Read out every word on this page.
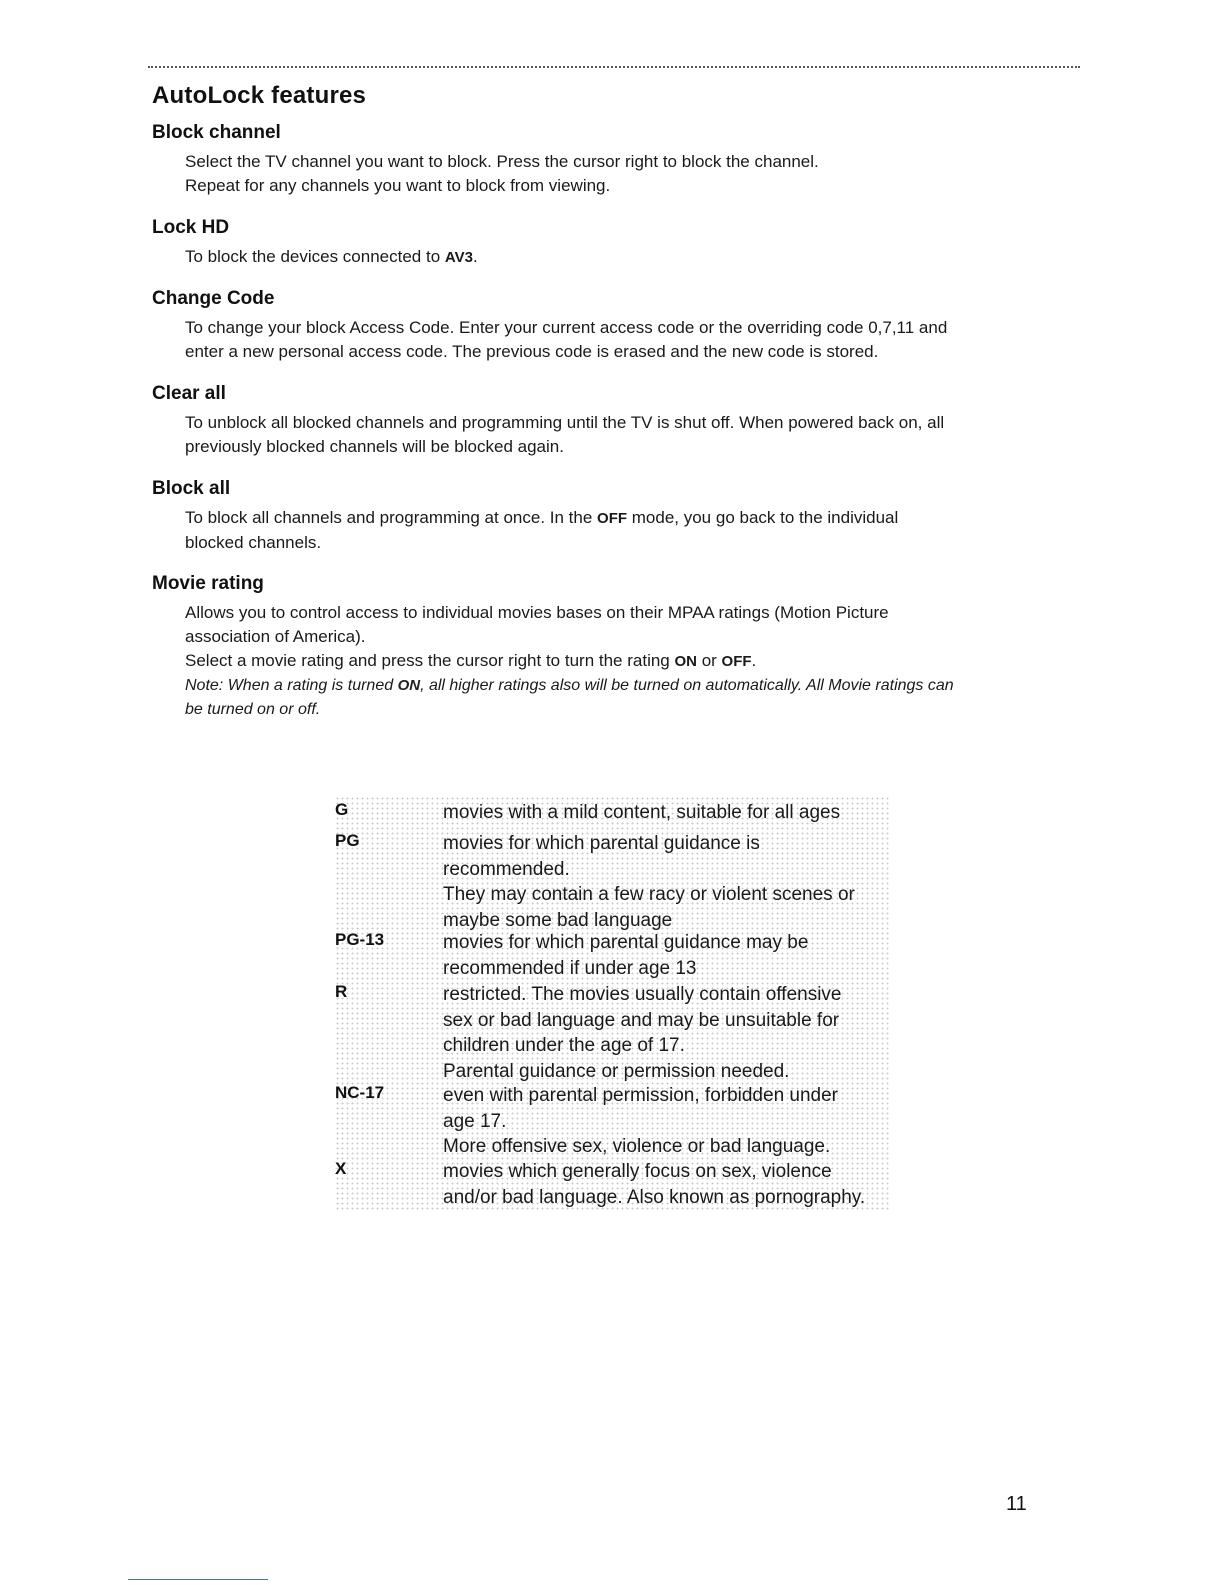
AutoLock features
Block channel

Select the TV channel you want to block. Press the cursor right to block the channel.

Repeat for any channels you want to block from viewing.

Lock HD

To block the devices connected to AV3.

Change Code

To change your block Access Code. Enter your current access code or the overriding code 0,7,11 and

enter a new personal access code. The previous code is erased and the new code is stored.

Clear all

To unblock all blocked channels and programming until the TV is shut off. When powered back on, all

previously blocked channels will be blocked again.

Block all

To block all channels and programming at once. In the OFF mode, you go back to the individual

blocked channels.

Movie rating

Allows you to control access to individual movies bases on their MPAA ratings (Motion Picture

association of America).

Select a movie rating and press the cursor right to turn the rating ON or OFF.

Note: When a rating is turned ON, all higher ratings also will be turned on automatically. All Movie ratings can
be turned on or off.

G	movies with a mild content, suitable for all ages
PG	movies for which parental guidance is
recommended.
They may contain a few racy or violent scenes or
maybe some bad language
PG-13	movies for which parental guidance may be
recommended if under age 13
R	restricted. The movies usually contain offensive
sex or bad language and may be unsuitable for
children under the age of 17.
Parental guidance or permission needed.
NC-17	even with parental permission, forbidden under
age 17.
More offensive sex, violence or bad language.
X	movies which generally focus on sex, violence
and/or bad language. Also known as pornography.
11
